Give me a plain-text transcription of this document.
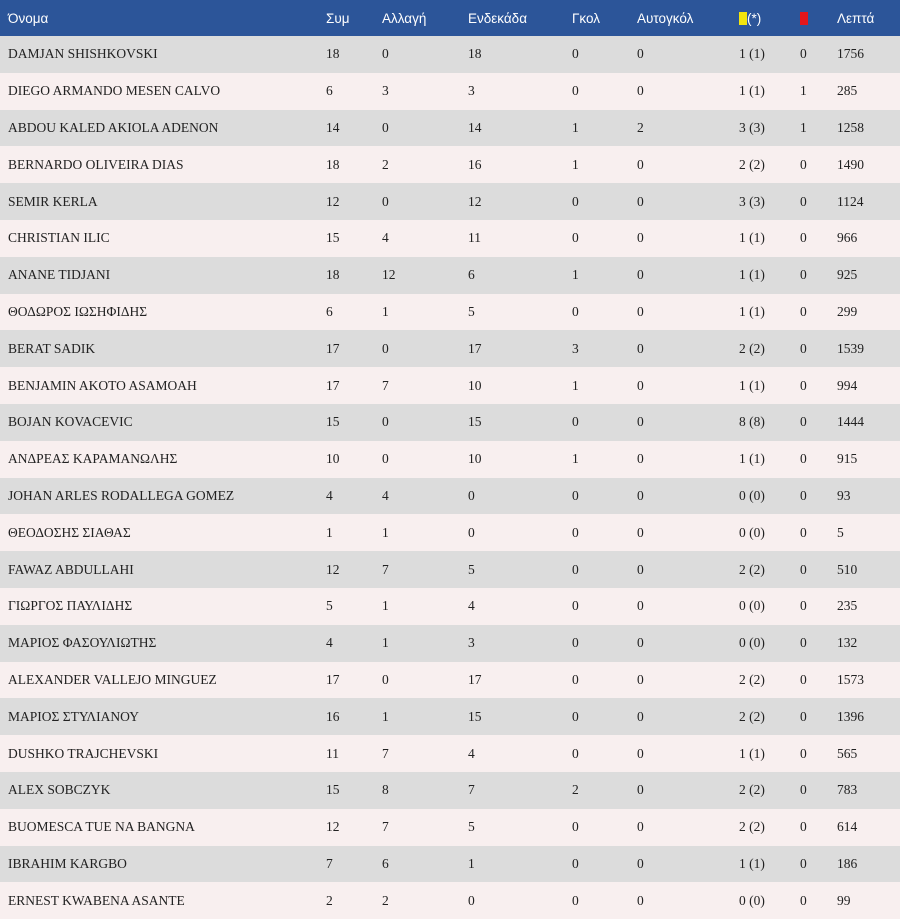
Όνομα	Συμ	Αλλαγή	Ενδεκάδα	Γκολ	Αυτογκόλ	(*)		Λεπτά
DAMJAN SHISHKOVSKI	18	0	18	0	0	1 (1)	0	1756
DIEGO ARMANDO MESEN CALVO	6	3	3	0	0	1 (1)	1	285
ABDOU KALED AKIOLA ADENON	14	0	14	1	2	3 (3)	1	1258
BERNARDO OLIVEIRA DIAS	18	2	16	1	0	2 (2)	0	1490
SEMIR KERLA	12	0	12	0	0	3 (3)	0	1124
CHRISTIAN ILIC	15	4	11	0	0	1 (1)	0	966
ANANE TIDJANI	18	12	6	1	0	1 (1)	0	925
ΘΟΔΩΡΟΣ ΙΩΣΗΦΙΔΗΣ	6	1	5	0	0	1 (1)	0	299
BERAT SADIK	17	0	17	3	0	2 (2)	0	1539
BENJAMIN AKOTO ASAMOAH	17	7	10	1	0	1 (1)	0	994
BOJAN KOVACEVIC	15	0	15	0	0	8 (8)	0	1444
ΑΝΔΡΕΑΣ ΚΑΡΑΜΑΝΩΛΗΣ	10	0	10	1	0	1 (1)	0	915
JOHAN ARLES RODALLEGA GOMEZ	4	4	0	0	0	0 (0)	0	93
ΘΕΟΔΟΣΗΣ ΣΙΑΘΑΣ	1	1	0	0	0	0 (0)	0	5
FAWAZ ABDULLAHI	12	7	5	0	0	2 (2)	0	510
ΓΙΩΡΓΟΣ ΠΑΥΛΙΔΗΣ	5	1	4	0	0	0 (0)	0	235
ΜΑΡΙΟΣ ΦΑΣΟΥΛΙΩΤΗΣ	4	1	3	0	0	0 (0)	0	132
ALEXANDER VALLEJO MINGUEZ	17	0	17	0	0	2 (2)	0	1573
ΜΑΡΙΟΣ ΣΤΥΛΙΑΝΟΥ	16	1	15	0	0	2 (2)	0	1396
DUSHKO TRAJCHEVSKI	11	7	4	0	0	1 (1)	0	565
ALEX SOBCZYK	15	8	7	2	0	2 (2)	0	783
BUOMESCA TUE NA BANGNA	12	7	5	0	0	2 (2)	0	614
IBRAHIM KARGBO	7	6	1	0	0	1 (1)	0	186
ERNEST KWABENA ASANTE	2	2	0	0	0	0 (0)	0	99
